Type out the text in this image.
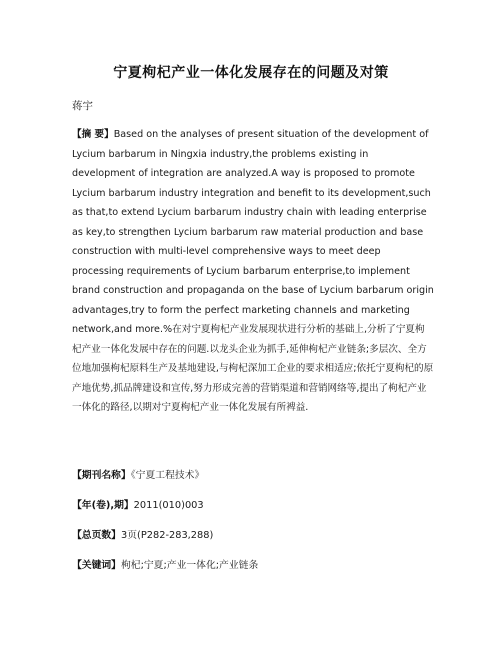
宁夏枸杞产业一体化发展存在的问题及对策
蒋宇

【摘 要】Based on the analyses of present situation of the development of Lycium barbarum in Ningxia industry,the problems existing in development of integration are analyzed.A way is proposed to promote Lycium barbarum industry integration and benefit to its development,such as that,to extend Lycium barbarum industry chain with leading enterprise as key,to strengthen Lycium barbarum raw material production and base construction with multi-level comprehensive ways to meet deep processing requirements of Lycium barbarum enterprise,to implement brand construction and propaganda on the base of Lycium barbarum origin advantages,try to form the perfect marketing channels and marketing network,and more.%在对宁夏枸杞产业发展现状进行分析的基础上,分析了宁夏枸杞产业一体化发展中存在的问题.以龙头企业为抓手,延伸枸杞产业链条;多层次、全方位地加强枸杞原料生产及基地建设,与枸杞深加工企业的要求相适应;依托宁夏枸杞的原产地优势,抓品牌建设和宣传,努力形成完善的营销渠道和营销网络等,提出了枸杞产业一体化的路径,以期对宁夏枸杞产业一体化发展有所裨益.

【期刊名称】《宁夏工程技术》

【年(卷),期】2011(010)003

【总页数】3页(P282-283,288)

【关键词】枸杞;宁夏;产业一体化;产业链条
